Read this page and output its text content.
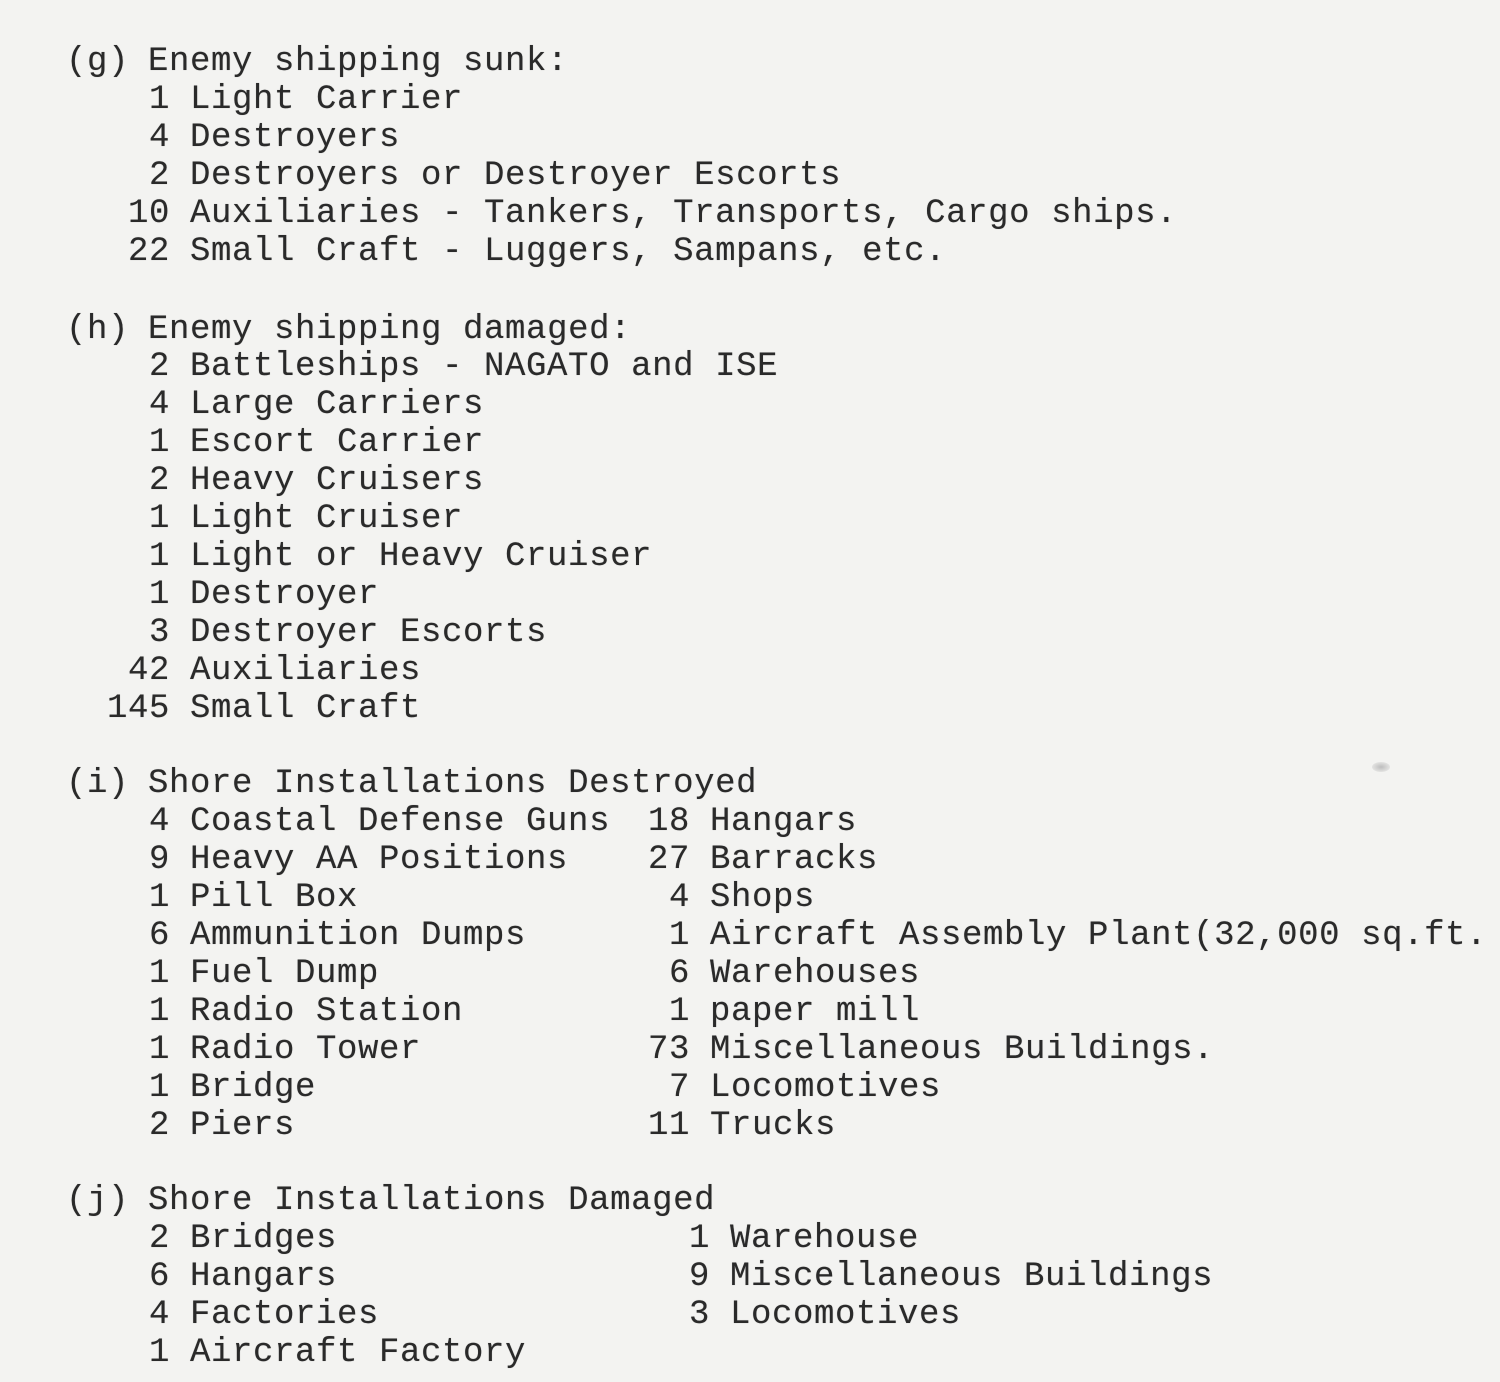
(g) Enemy shipping sunk:
1 Light Carrier
4 Destroyers
2 Destroyers or Destroyer Escorts
10 Auxiliaries - Tankers, Transports, Cargo ships.
22 Small Craft - Luggers, Sampans, etc.
(h) Enemy shipping damaged:
2 Battleships - NAGATO and ISE
4 Large Carriers
1 Escort Carrier
2 Heavy Cruisers
1 Light Cruiser
1 Light or Heavy Cruiser
1 Destroyer
3 Destroyer Escorts
42 Auxiliaries
145 Small Craft
(i) Shore Installations Destroyed
4 Coastal Defense Guns
9 Heavy AA Positions
1 Pill Box
6 Ammunition Dumps
1 Fuel Dump
1 Radio Station
1 Radio Tower
1 Bridge
2 Piers
18 Hangars
27 Barracks
4 Shops
1 Aircraft Assembly Plant(32,000 sq.ft.
6 Warehouses
1 paper mill
73 Miscellaneous Buildings.
7 Locomotives
11 Trucks
(j) Shore Installations Damaged
2 Bridges
6 Hangars
4 Factories
1 Aircraft Factory
1 Warehouse
9 Miscellaneous Buildings
3 Locomotives
